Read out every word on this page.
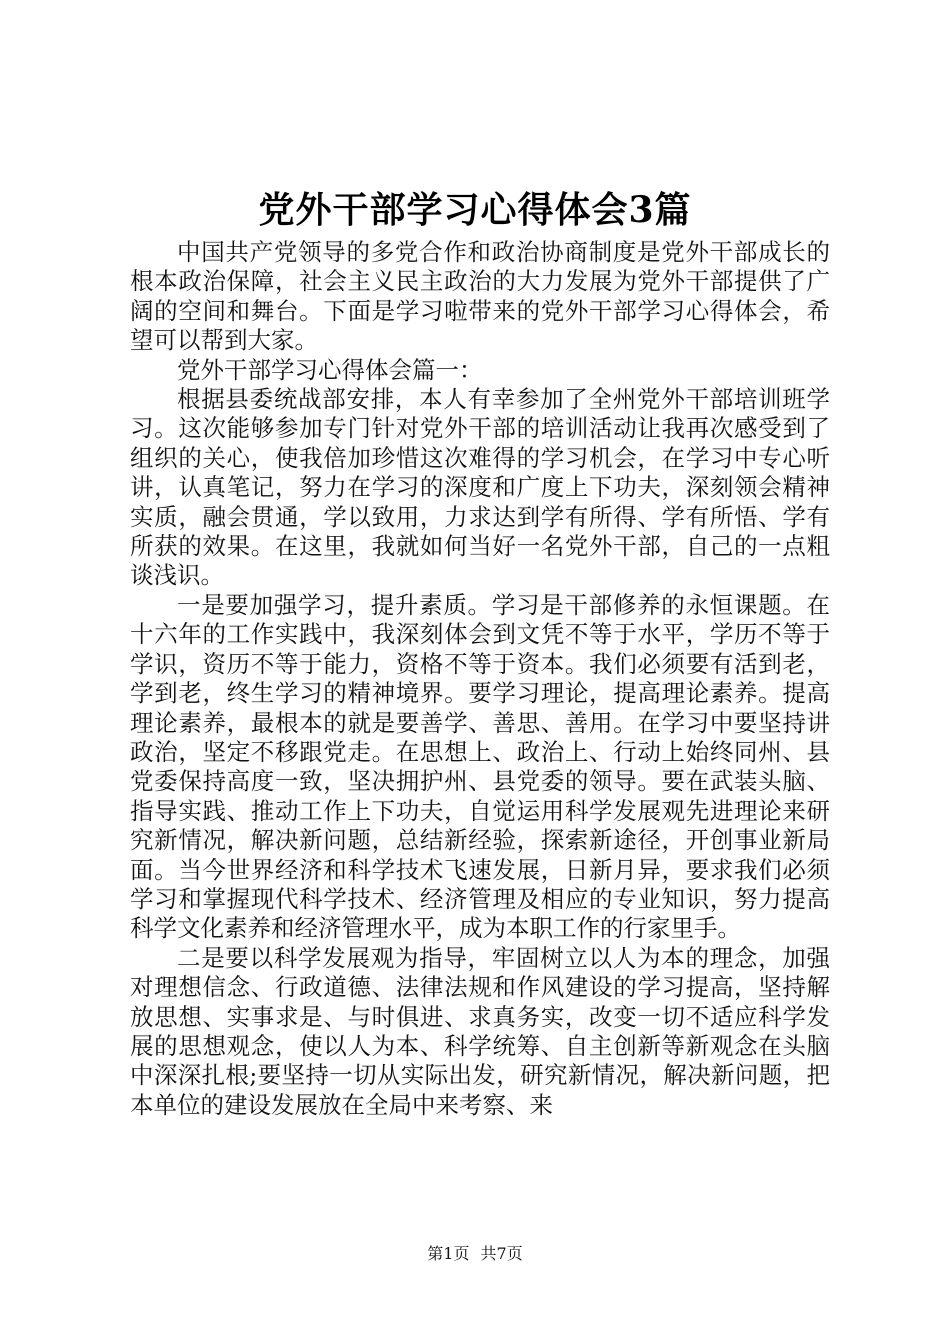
党外干部学习心得体会3篇

中国共产党领导的多党合作和政治协商制度是党外干部成长的根本政治保障，社会主义民主政治的大力发展为党外干部提供了广阔的空间和舞台。下面是学习啦带来的党外干部学习心得体会，希望可以帮到大家。

党外干部学习心得体会篇一：

根据县委统战部安排，本人有幸参加了全州党外干部培训班学习。这次能够参加专门针对党外干部的培训活动让我再次感受到了组织的关心，使我倍加珍惜这次难得的学习机会，在学习中专心听讲，认真笔记，努力在学习的深度和广度上下功夫，深刻领会精神实质，融会贯通，学以致用，力求达到学有所得、学有所悟、学有所获的效果。在这里，我就如何当好一名党外干部，自己的一点粗谈浅识。

一是要加强学习，提升素质。学习是干部修养的永恒课题。在十六年的工作实践中，我深刻体会到文凭不等于水平，学历不等于学识，资历不等于能力，资格不等于资本。我们必须要有活到老，学到老，终生学习的精神境界。要学习理论，提高理论素养。提高理论素养，最根本的就是要善学、善思、善用。在学习中要坚持讲政治，坚定不移跟党走。在思想上、政治上、行动上始终同州、县党委保持高度一致，坚决拥护州、县党委的领导。要在武装头脑、指导实践、推动工作上下功夫，自觉运用科学发展观先进理论来研究新情况，解决新问题，总结新经验，探索新途径，开创事业新局面。当今世界经济和科学技术飞速发展，日新月异，要求我们必须学习和掌握现代科学技术、经济管理及相应的专业知识，努力提高科学文化素养和经济管理水平，成为本职工作的行家里手。

二是要以科学发展观为指导，牢固树立以人为本的理念，加强对理想信念、行政道德、法律法规和作风建设的学习提高，坚持解放思想、实事求是、与时俱进、求真务实，改变一切不适应科学发展的思想观念，使以人为本、科学统筹、自主创新等新观念在头脑中深深扎根;要坚持一切从实际出发，研究新情况，解决新问题，把本单位的建设发展放在全局中来考察、来

第1页 共7页
